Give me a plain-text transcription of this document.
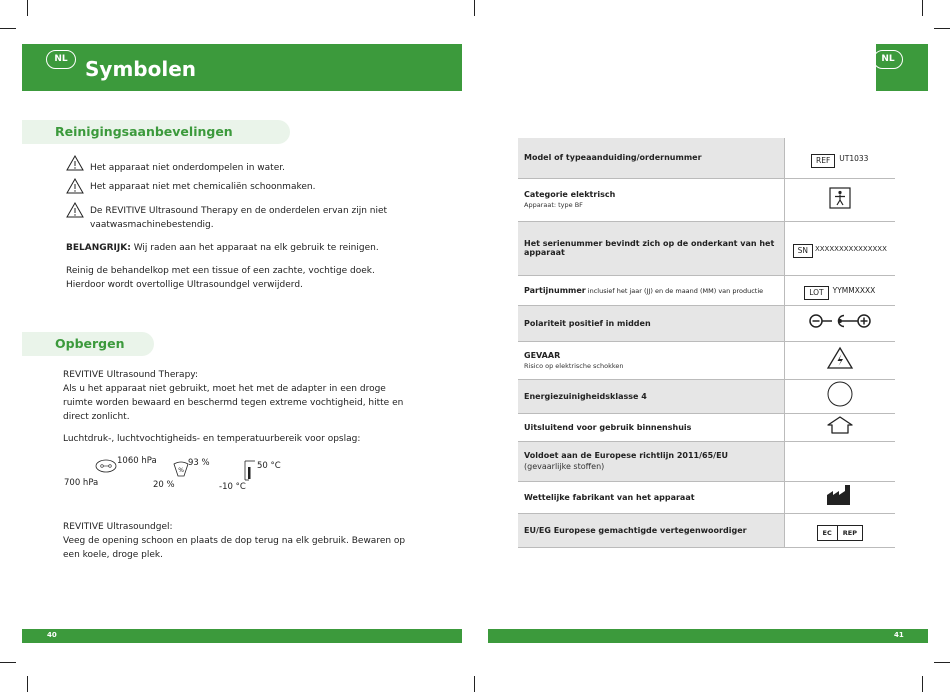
NL	NL
Symbolen
Reinigingsaanbevelingen
Het apparaat niet onderdompelen in water.
Het apparaat niet met chemicaliën schoonmaken.
De REVITIVE Ultrasound Therapy en de onderdelen ervan zijn niet vaatwasmachinebestendig.
BELANGRIJK: Wij raden aan het apparaat na elk gebruik te reinigen.
Reinig de behandelkop met een tissue of een zachte, vochtige doek. Hierdoor wordt overtollige Ultrasoundgel verwijderd.
Opbergen
REVITIVE Ultrasound Therapy:
Als u het apparaat niet gebruikt, moet het met de adapter in een droge ruimte worden bewaard en beschermd tegen extreme vochtigheid, hitte en direct zonlicht.
Luchtdruk-, luchtvochtigheids- en temperatuurbereik voor opslag:
1060 hPa
700 hPa
%
93 %
20 %
50 °C
-10 °C
REVITIVE Ultrasoundgel:
Veeg de opening schoon en plaats de dop terug na elk gebruik. Bewaren op een koele, droge plek.
Model of typeaanduiding/ordernummer	REF UT1033
Categorie elektrisch
Apparaat: type BF

Het serienummer bevindt zich op de onderkant van het apparaat	SN XXXXXXXXXXXXXXX
Partijnummer inclusief het jaar (JJ) en de maand (MM) van productie	LOT YYMMXXXX
Polariteit positief in midden	
GEVAAR
Risico op elektrische schokken

Energiezuinigheidsklasse 4	
Uitsluitend voor gebruik binnenshuis	
Voldoet aan de Europese richtlijn 2011/65/EU
(gevaarlijke stoffen)	

Wettelijke fabrikant van het apparaat	
EU/EG Europese gemachtigde vertegenwoordiger	EC REP
40	41
